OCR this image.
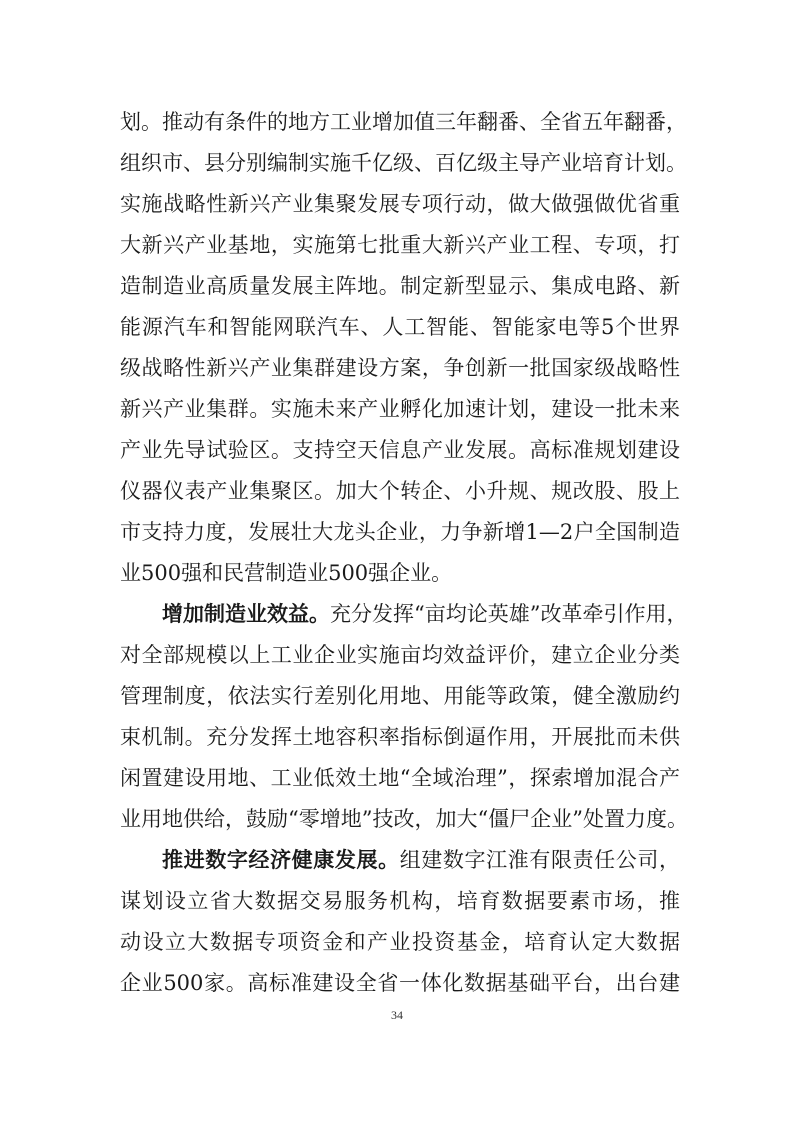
划。推动有条件的地方工业增加值三年翻番、全省五年翻番，
组织市、县分别编制实施千亿级、百亿级主导产业培育计划。
实施战略性新兴产业集聚发展专项行动，做大做强做优省重
大新兴产业基地，实施第七批重大新兴产业工程、专项，打
造制造业高质量发展主阵地。制定新型显示、集成电路、新
能源汽车和智能网联汽车、人工智能、智能家电等5个世界
级战略性新兴产业集群建设方案，争创新一批国家级战略性
新兴产业集群。实施未来产业孵化加速计划，建设一批未来
产业先导试验区。支持空天信息产业发展。高标准规划建设
仪器仪表产业集聚区。加大个转企、小升规、规改股、股上
市支持力度，发展壮大龙头企业，力争新增1—2户全国制造
业500强和民营制造业500强企业。
增加制造业效益。充分发挥“亩均论英雄”改革牵引作用，
对全部规模以上工业企业实施亩均效益评价，建立企业分类
管理制度，依法实行差别化用地、用能等政策，健全激励约
束机制。充分发挥土地容积率指标倒逼作用，开展批而未供
闲置建设用地、工业低效土地“全域治理”，探索增加混合产
业用地供给，鼓励“零增地”技改，加大“僵尸企业”处置力度。
推进数字经济健康发展。组建数字江淮有限责任公司，
谋划设立省大数据交易服务机构，培育数据要素市场，推
动设立大数据专项资金和产业投资基金，培育认定大数据
企业500家。高标准建设全省一体化数据基础平台，出台建
34
